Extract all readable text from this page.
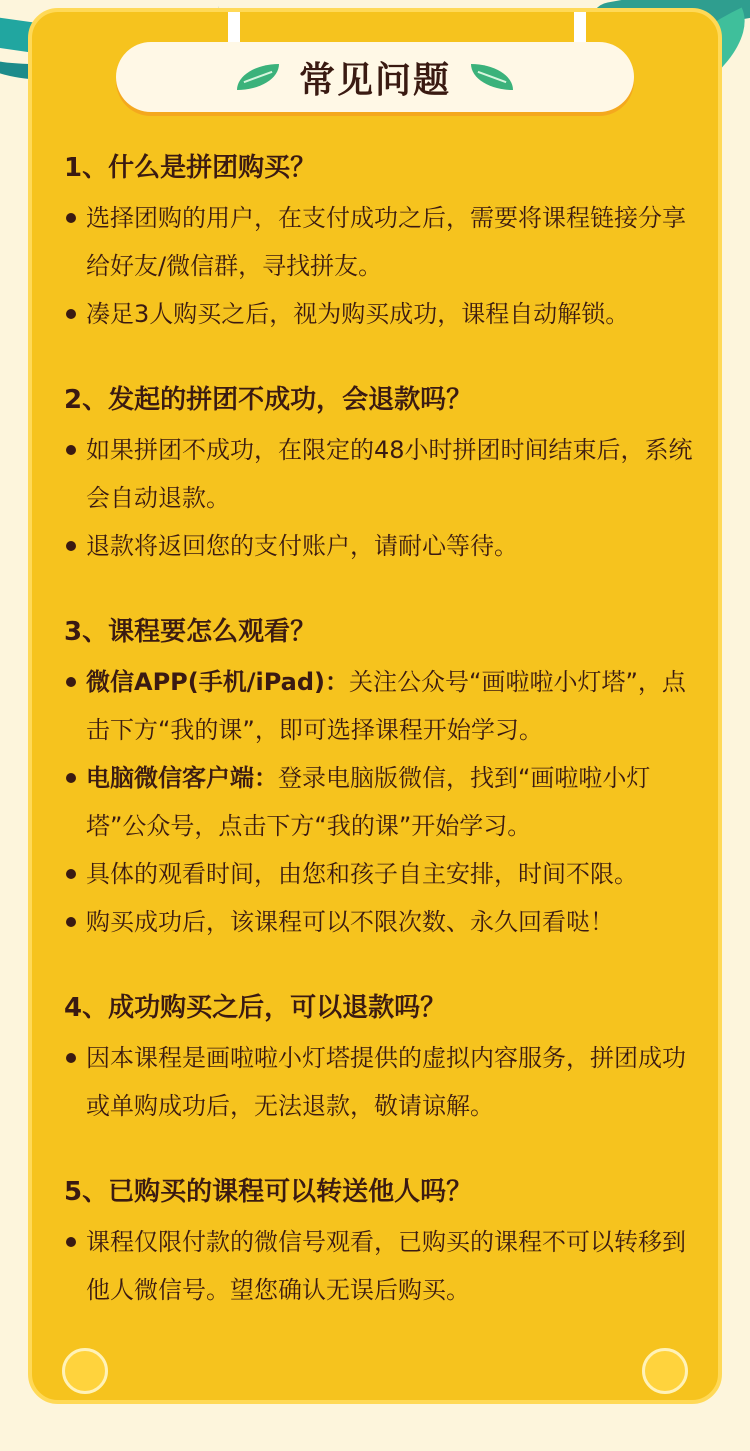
常见问题
1、什么是拼团购买？
选择团购的用户，在支付成功之后，需要将课程链接分享给好友/微信群，寻找拼友。
凑足3人购买之后，视为购买成功，课程自动解锁。
2、发起的拼团不成功，会退款吗？
如果拼团不成功，在限定的48小时拼团时间结束后，系统会自动退款。
退款将返回您的支付账户，请耐心等待。
3、课程要怎么观看？
微信APP(手机/iPad)：关注公众号“画啦啦小灯塔”，点击下方“我的课”，即可选择课程开始学习。
电脑微信客户端：登录电脑版微信，找到“画啦啦小灯塔”公众号，点击下方“我的课”开始学习。
具体的观看时间，由您和孩子自主安排，时间不限。
购买成功后，该课程可以不限次数、永久回看哒！
4、成功购买之后，可以退款吗？
因本课程是画啦啦小灯塔提供的虚拟内容服务，拼团成功或单购成功后，无法退款，敬请谅解。
5、已购买的课程可以转送他人吗？
课程仅限付款的微信号观看，已购买的课程不可以转移到他人微信号。望您确认无误后购买。
